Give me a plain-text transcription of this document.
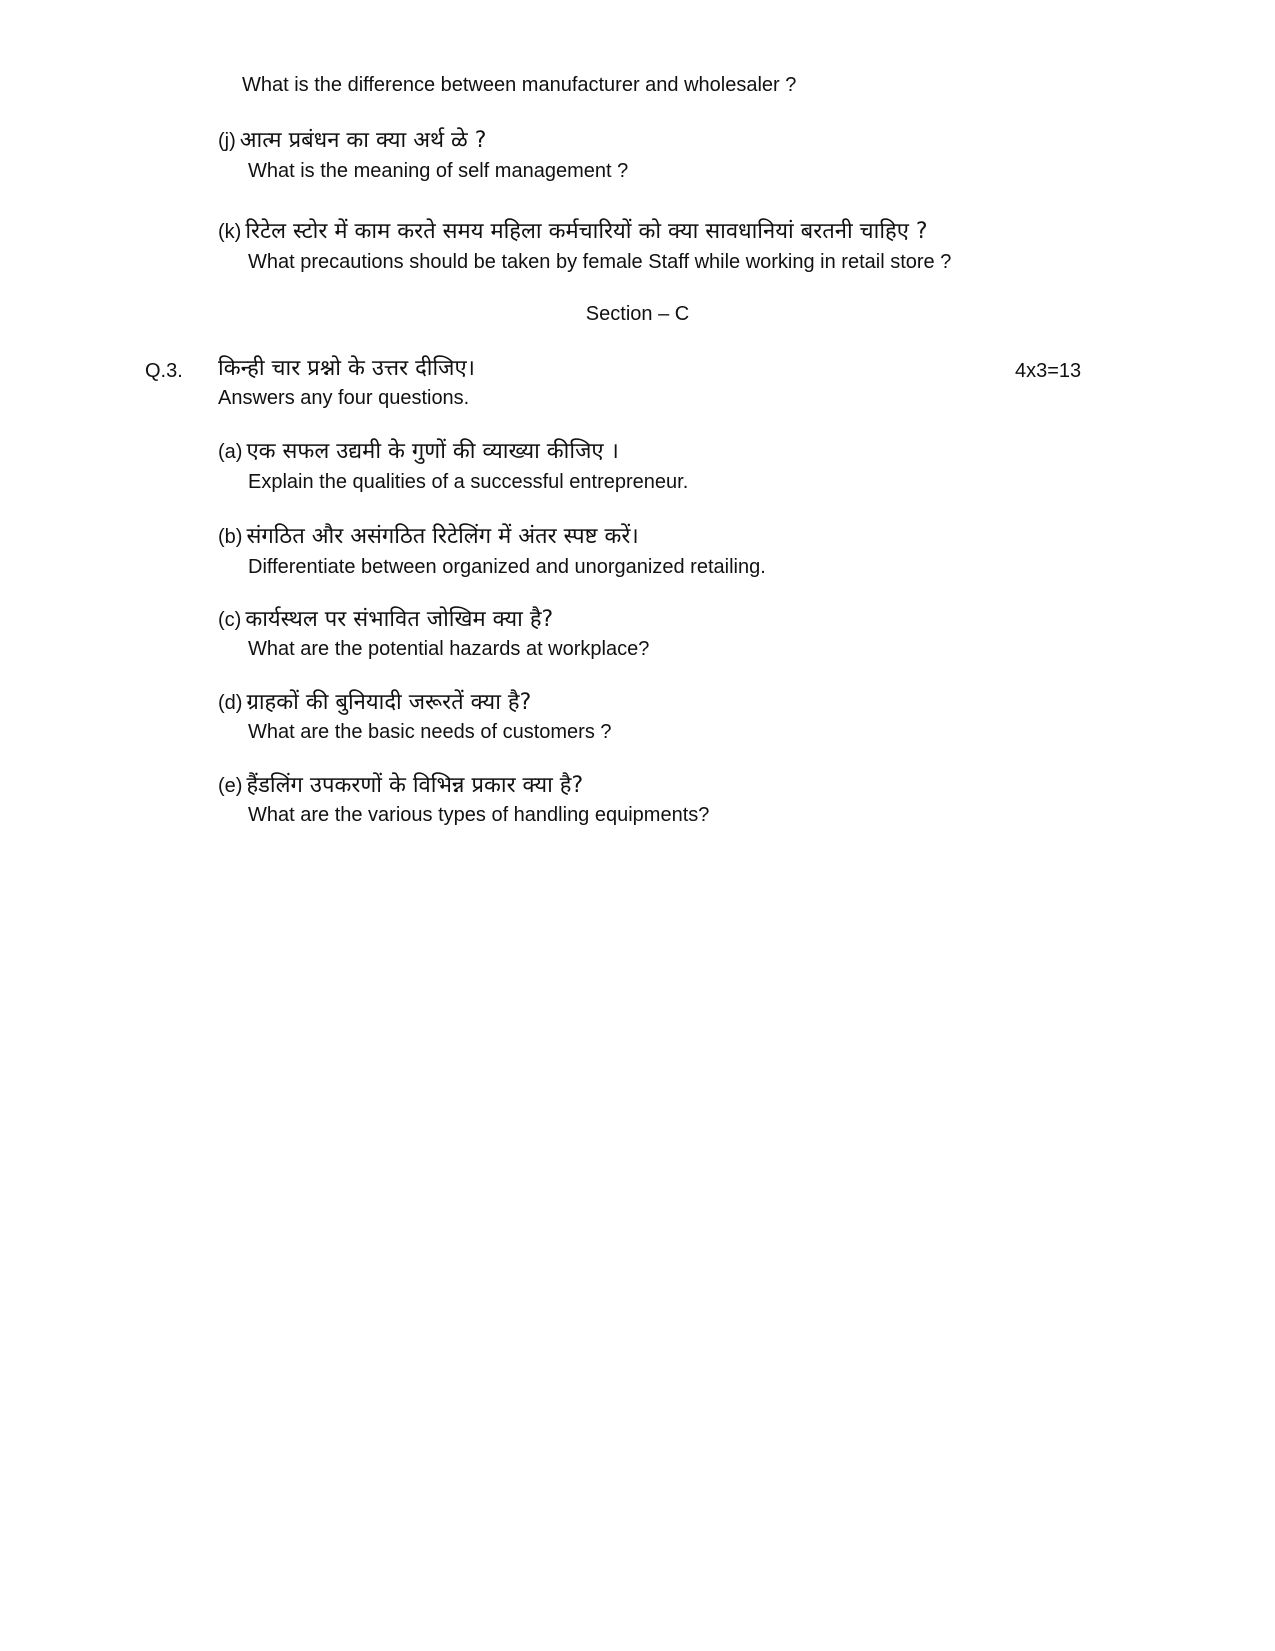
What is the difference between manufacturer and wholesaler ?
(j) आत्म प्रबंधन का क्या अर्थ ळे ?
What is the meaning of self management ?
(k) रिटेल स्टोर में काम करते समय महिला कर्मचारियों को क्या सावधानियां बरतनी चाहिए ?
What precautions should be taken by female Staff while working in retail store ?
Section – C
Q.3. किन्ही चार प्रश्नो के उत्तर दीजिए।	4x3=13
Answers any four questions.
(a) एक सफल उद्यमी के गुणों की व्याख्या कीजिए ।
Explain the qualities of a successful entrepreneur.
(b) संगठित और असंगठित रिटेलिंग में अंतर स्पष्ट करें।
Differentiate between organized and unorganized retailing.
(c) कार्यस्थल पर संभावित जोखिम क्या है?
What are the potential hazards at workplace?
(d) ग्राहकों की बुनियादी जरूरतें क्या है?
What are the basic needs of customers ?
(e) हैंडलिंग उपकरणों के विभिन्न प्रकार क्या है?
What are the various types of handling equipments?
